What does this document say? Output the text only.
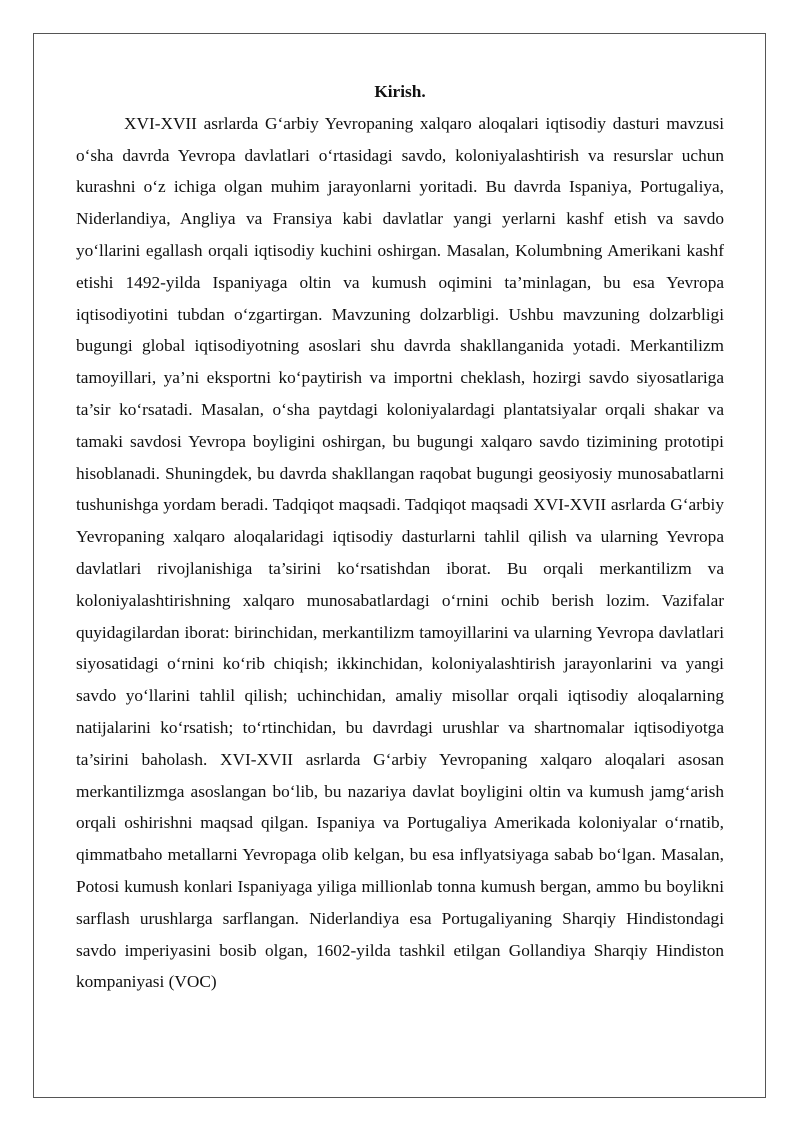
Kirish.

XVI-XVII asrlarda G‘arbiy Yevropaning xalqaro aloqalari iqtisodiy dasturi mavzusi o‘sha davrda Yevropa davlatlari o‘rtasidagi savdo, koloniyalashtirish va resurslar uchun kurashni o‘z ichiga olgan muhim jarayonlarni yoritadi. Bu davrda Ispaniya, Portugaliya, Niderlandiya, Angliya va Fransiya kabi davlatlar yangi yerlarni kashf etish va savdo yo‘llarini egallash orqali iqtisodiy kuchini oshirgan. Masalan, Kolumbning Amerikani kashf etishi 1492-yilda Ispaniyaga oltin va kumush oqimini ta’minlagan, bu esa Yevropa iqtisodiyotini tubdan o‘zgartirgan. Mavzuning dolzarbligi. Ushbu mavzuning dolzarbligi bugungi global iqtisodiyotning asoslari shu davrda shakllanganida yotadi. Merkantilizm tamoyillari, ya’ni eksportni ko‘paytirish va importni cheklash, hozirgi savdo siyosatlariga ta’sir ko‘rsatadi. Masalan, o‘sha paytdagi koloniyalardagi plantatsiyalar orqali shakar va tamaki savdosi Yevropa boyligini oshirgan, bu bugungi xalqaro savdo tizimining prototipi hisoblanadi. Shuningdek, bu davrda shakllangan raqobat bugungi geosiyosiy munosabatlarni tushunishga yordam beradi. Tadqiqot maqsadi. Tadqiqot maqsadi XVI-XVII asrlarda G‘arbiy Yevropaning xalqaro aloqalaridagi iqtisodiy dasturlarni tahlil qilish va ularning Yevropa davlatlari rivojlanishiga ta’sirini ko‘rsatishdan iborat. Bu orqali merkantilizm va koloniyalashtirishning xalqaro munosabatlardagi o‘rnini ochib berish lozim. Vazifalar quyidagilardan iborat: birinchidan, merkantilizm tamoyillarini va ularning Yevropa davlatlari siyosatidagi o‘rnini ko‘rib chiqish; ikkinchidan, koloniyalashtirish jarayonlarini va yangi savdo yo‘llarini tahlil qilish; uchinchidan, amaliy misollar orqali iqtisodiy aloqalarning natijalarini ko‘rsatish; to‘rtinchidan, bu davrdagi urushlar va shartnomalar iqtisodiyotga ta’sirini baholash. XVI-XVII asrlarda G‘arbiy Yevropaning xalqaro aloqalari asosan merkantilizmga asoslangan bo‘lib, bu nazariya davlat boyligini oltin va kumush jamg‘arish orqali oshirishni maqsad qilgan. Ispaniya va Portugaliya Amerikada koloniyalar o‘rnatib, qimmatbaho metallarni Yevropaga olib kelgan, bu esa inflyatsiyaga sabab bo‘lgan. Masalan, Potosi kumush konlari Ispaniyaga yiliga millionlab tonna kumush bergan, ammo bu boylikni sarflash urushlarga sarflangan. Niderlandiya esa Portugaliyaning Sharqiy Hindistondagi savdo imperiyasini bosib olgan, 1602-yilda tashkil etilgan Gollandiya Sharqiy Hindiston kompaniyasi (VOC)
